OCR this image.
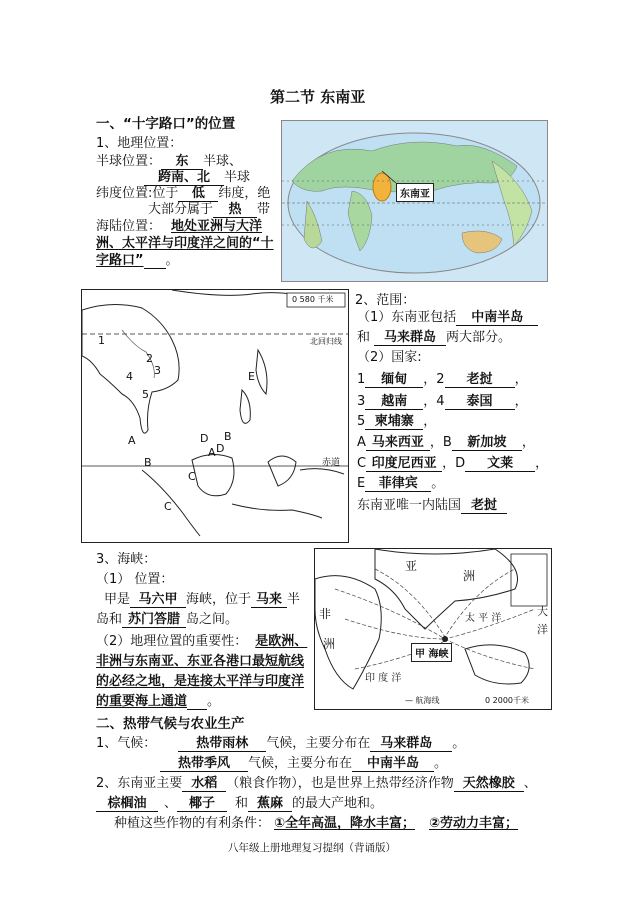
第二节 东南亚
一、“十字路口”的位置
1、地理位置：
半球位置： 东 半球、
跨南、北 半球
纬度位置:位于 低 纬度，绝
大部分属于 热 带
海陆位置： 地处亚洲与大洋
洲、太平洋与印度洋之间的“十
字路口” 。
东南亚
0 580 千米
北回归线
赤道
1
2
3
4
5
A
B
C
D
E
A
B
C
D
2、范围：
（1）东南亚包括 中南半岛
和 马来群岛 两大部分。
（2）国家:
1 缅甸 ，2 老挝 ，
3 越南 ，4 泰国 ，
5 柬埔寨 ，
A 马来西亚 ，B 新加坡 ，
C 印度尼西亚 ，D 文莱 ，
E 菲律宾 。
东南亚唯一内陆国 老挝
3、海峡：
（1） 位置：
甲是 马六甲 海峡，位于 马来 半
岛和 苏门答腊 岛之间。
（2）地理位置的重要性： 是欧洲、
非洲与东南亚、东亚各港口最短航线
的必经之地，是连接太平洋与印度洋
的重要海上通道 。
亚
洲
太 平 洋
大
洋
非
洲
印 度 洋
甲 海峡
— 航海线	0 2000千米
二、热带气候与农业生产
1、气候：	热带雨林 气候，主要分布在 马来群岛 。
热带季风 气候，主要分布在 中南半岛 。
2、东南亚主要 水稻 （粮食作物），也是世界上热带经济作物 天然橡胶 、
棕榈油 、 椰子 和 蕉麻 的最大产地和。
种植这些作物的有利条件： ①全年高温，降水丰富； ②劳动力丰富；
八年级上册地理复习提纲（背诵版）
